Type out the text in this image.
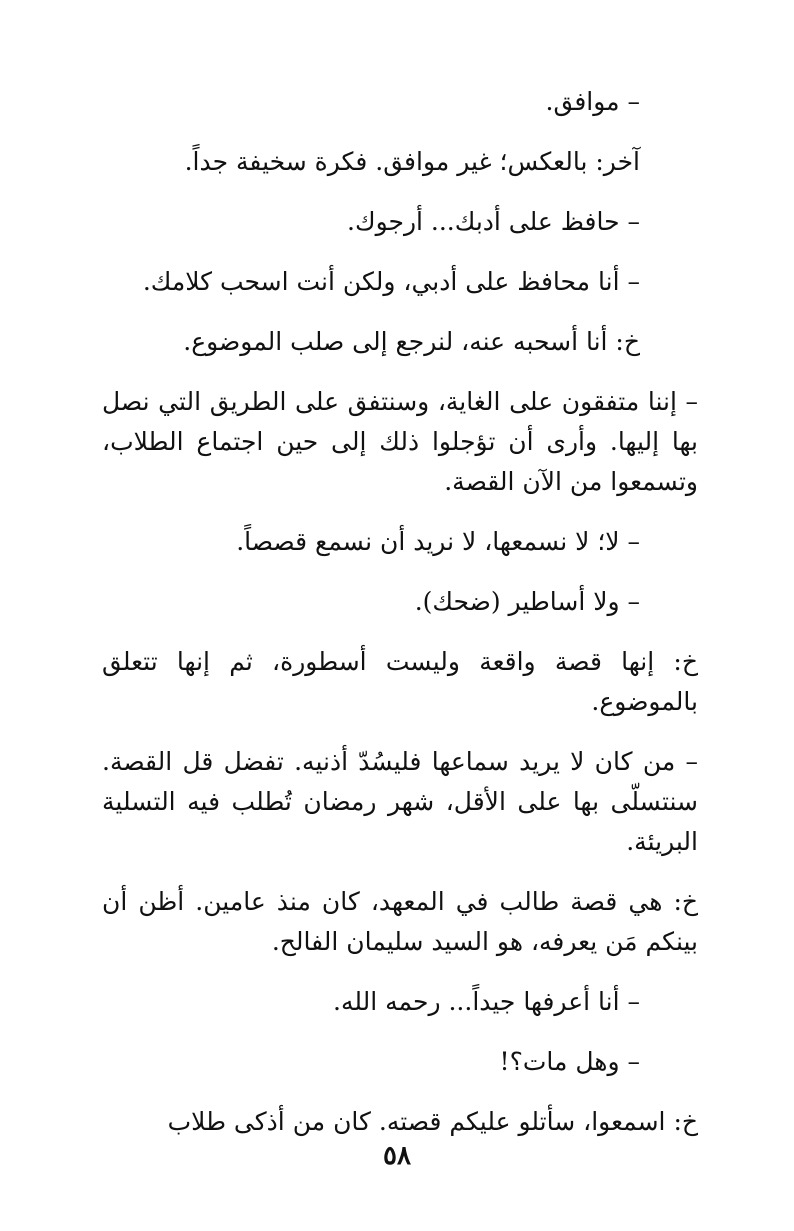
– موافق.

آخر: بالعكس؛ غير موافق. فكرة سخيفة جداً.

– حافظ على أدبك... أرجوك.

– أنا محافظ على أدبي، ولكن أنت اسحب كلامك.

خ: أنا أسحبه عنه، لنرجع إلى صلب الموضوع.

– إننا متفقون على الغاية، وسنتفق على الطريق التي نصل بها إليها. وأرى أن تؤجلوا ذلك إلى حين اجتماع الطلاب، وتسمعوا من الآن القصة.

– لا؛ لا نسمعها، لا نريد أن نسمع قصصاً.

– ولا أساطير (ضحك).

خ: إنها قصة واقعة وليست أسطورة، ثم إنها تتعلق بالموضوع.

– من كان لا يريد سماعها فليسُدّ أذنيه. تفضل قل القصة. سنتسلّى بها على الأقل، شهر رمضان تُطلب فيه التسلية البريئة.

خ: هي قصة طالب في المعهد، كان منذ عامين. أظن أن بينكم مَن يعرفه، هو السيد سليمان الفالح.

– أنا أعرفها جيداً... رحمه الله.

– وهل مات؟!

خ: اسمعوا، سأتلو عليكم قصته. كان من أذكى طلاب

٥٨
